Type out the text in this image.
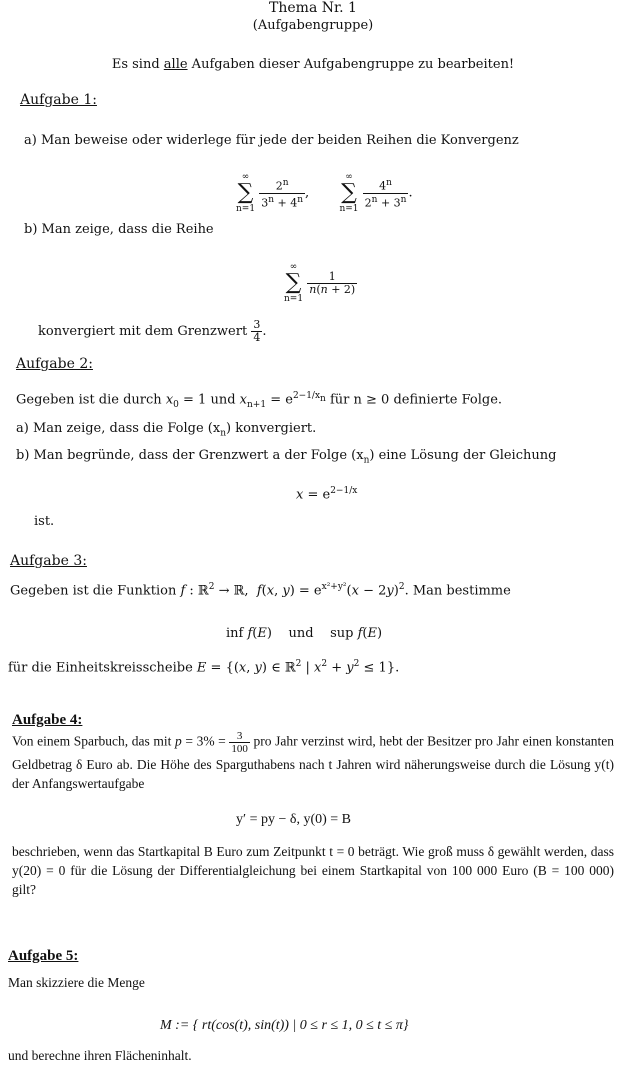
Thema Nr. 1
(Aufgabengruppe)
Es sind alle Aufgaben dieser Aufgabengruppe zu bearbeiten!
Aufgabe 1:
a) Man beweise oder widerlege für jede der beiden Reihen die Konvergenz
∞
∑
n=1
$\frac{2^n}{3^n + 4^n}$ ,
∞
∑
n=1
$\frac{4^n}{2^n + 3^n}$ .
b) Man zeige, dass die Reihe
∞
∑
n=1

$\frac{1}{n(n + 2)}$
konvergiert mit dem Grenzwert $\frac{3}{4}$ .
Aufgabe 2:
Gegeben ist die durch $x_0 = 1$ und $x_{n+1} = e^{2-1/x_n}$ für n ≥ 0 definierte Folge.
a) Man zeige, dass die Folge $(x_n)$ konvergiert.
b) Man begründe, dass der Grenzwert a der Folge $(x_n)$ eine Lösung der Gleichung
$x = e^{2-1/x}$
ist.
Aufgabe 3:
Gegeben ist die Funktion f : ℝ$^2$ → ℝ,  f(x, $y) = e^{x^2+y^2}(x - 2y)^2$. Man bestimme
inf f(E)    und    sup f(E)
für die Einheitskreisscheibe E = {(x, y) ∈ ℝ$^2$ | $x^2 + y^2 \le 1$}.
Aufgabe 4:
Von einem Sparbuch, das mit $p = 3\% = \frac{3}{100}$ pro Jahr verzinst wird, hebt der Besitzer pro Jahr einen konstanten Geldbetrag δ Euro ab. Die Höhe des Sparguthabens nach t Jahren wird näherungsweise durch die Lösung y(t) der Anfangswertaufgabe
y′ = py − δ, y(0) = B
beschrieben, wenn das Startkapital B Euro zum Zeitpunkt t = 0 beträgt. Wie groß muss δ gewählt werden, dass y(20) = 0 für die Lösung der Differentialgleichung bei einem Startkapital von 100 000 Euro (B = 100 000) gilt?
Aufgabe 5:
Man skizziere die Menge
M := { rt(cos(t), sin(t)) | 0 ≤ r ≤ 1, 0 ≤ t ≤ π}
und berechne ihren Flächeninhalt.
